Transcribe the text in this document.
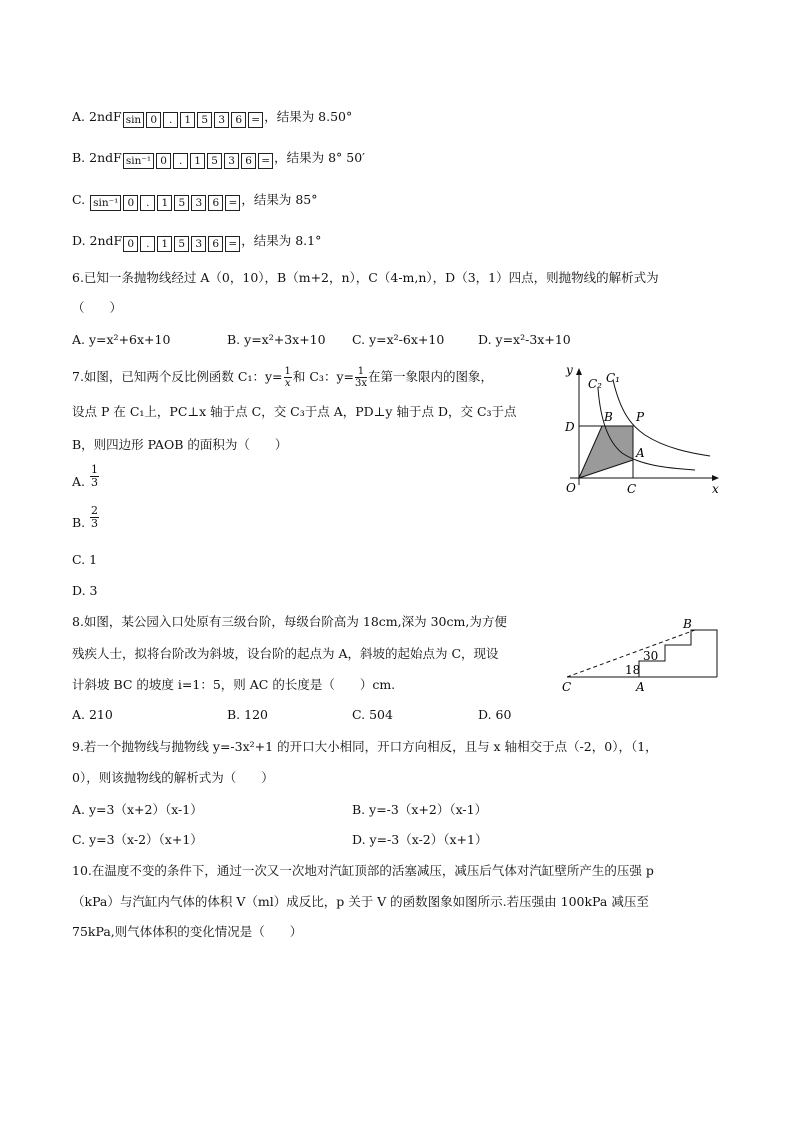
A. 2ndF sin 0 . 1 5 3 6 = ，结果为 8.50°
B. 2ndF sin⁻¹ 0 . 1 5 3 6 = ，结果为 8° 50′
C. sin⁻¹ 0 . 1 5 3 6 = ，结果为 85°
D. 2ndF 0 . 1 5 3 6 = ，结果为 8.1°
6.已知一条抛物线经过 A（0，10），B（m+2，n），C（4-m,n），D（3，1）四点，则抛物线的解析式为
（　　）
A. y=x²+6x+10	B. y=x²+3x+10 C. y=x²-6x+10	D. y=x²-3x+10
7.如图，已知两个反比例函数 C₁：$y= \frac{1}{x}$ 和 C₃：$y= \frac{1}{3x}$ 在第一象限内的图象，
设点 P 在 C₁上，PC⊥x 轴于点 C，交 C₃于点 A，PD⊥y 轴于点 D，交 C₃于点
B，则四边形 PAOB 的面积为（　　）
A. $\frac{1}{3}$
B. $\frac{2}{3}$
C. 1
D. 3
y
x
C₂ C₁
D
B P
A
O	C
8.如图，某公园入口处原有三级台阶，每级台阶高为 18cm,深为 30cm,为方便
残疾人士，拟将台阶改为斜坡，设台阶的起点为 A，斜坡的起始点为 C，现设
计斜坡 BC 的坡度 i=1：5，则 AC 的长度是（　　）cm.
A. 210	B. 120	C. 504	D. 60
B
C	A
30
18
9.若一个抛物线与抛物线 y=-3x²+1 的开口大小相同，开口方向相反，且与 x 轴相交于点（-2，0），（1，
0），则该抛物线的解析式为（　　）
A. y=3（x+2）（x-1）	B. y=-3（x+2）（x-1）
C. y=3（x-2）（x+1）	D. y=-3（x-2）（x+1）
10.在温度不变的条件下，通过一次又一次地对汽缸顶部的活塞减压，减压后气体对汽缸壁所产生的压强 p
（kPa）与汽缸内气体的体积 V（ml）成反比，p 关于 V 的函数图象如图所示.若压强由 100kPa 减压至
75kPa,则气体体积的变化情况是（　　）
